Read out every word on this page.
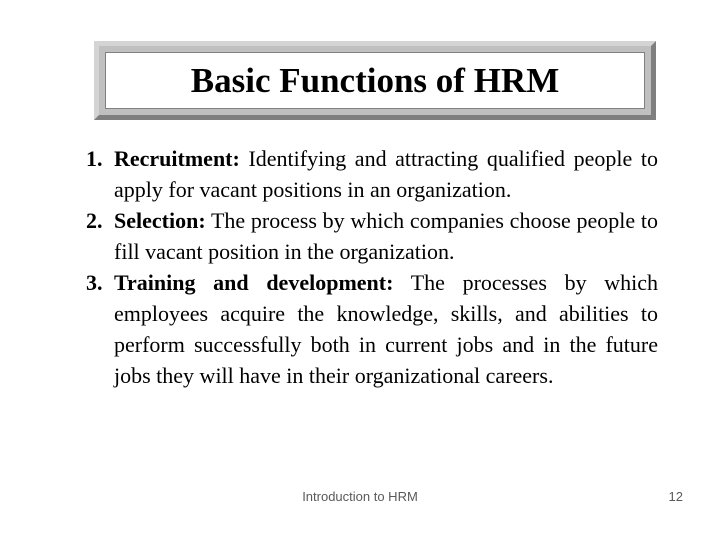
Basic Functions of HRM
1. Recruitment: Identifying and attracting qualified people to apply for vacant positions in an organization.
2. Selection: The process by which companies choose people to fill vacant position in the organization.
3. Training and development: The processes by which employees acquire the knowledge, skills, and abilities to perform successfully both in current jobs and in the future jobs they will have in their organizational careers.
Introduction to HRM	12
